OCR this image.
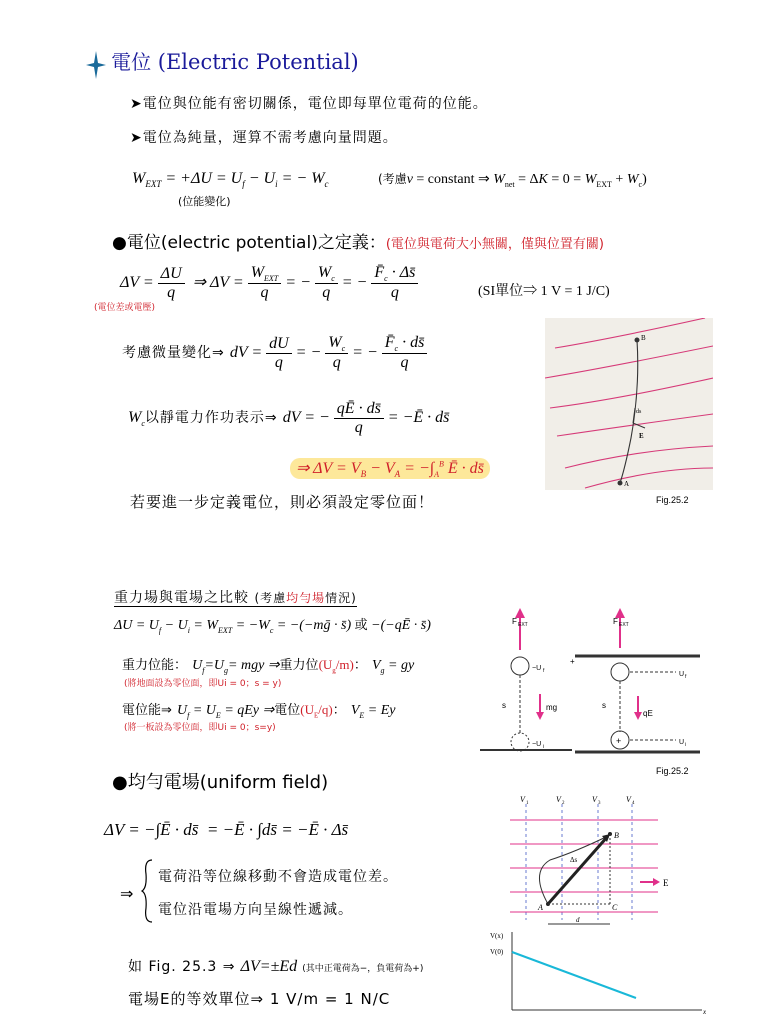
電位 (Electric Potential)
➤電位與位能有密切關係，電位即每單位電荷的位能。
➤電位為純量，運算不需考慮向量問題。
$W_{EXT} = +\Delta U = U_f - U_i$ = − $W_c$	(考慮v = constant ⇒ $W_{net} = \Delta K = 0 = W_{EXT} + W_c$)
(位能變化)
●電位(electric potential)之定義：(電位與電荷大小無關，僅與位置有關)
$\Delta V = \frac{\Delta U}{q}$ ⇒ $\Delta V = \frac{W_{EXT}}{q}$ = − $\frac{W_c}{q}$ = − $\frac{F̄_c \cdot \Delta s̄}{q}$	(SI單位⇒ 1 V = 1 J/C)
(電位差或電壓)
考慮微量變化⇒ dV = $\frac{dU}{q}$ = − $\frac{W_c}{q}$ = − $\frac{F̄_c \cdot ds̄}{q}$
$W_c$以靜電力作功表示⇒ dV = − $\frac{qĒ \cdot ds̄}{q}$ = −Ē · ds̄
⇒ $\Delta V = V_B - V_A = -\int_A^B$ Ē · ds̄
若要進一步定義電位，則必須設定零位面！
B
A
ds
E
Fig.25.2
重力場與電場之比較 (考慮均勻場情況)
$\Delta U = U_f - U_i = W_{EXT} = -W_c$ = −(−mḡ · s̄) 或 −(−qĒ · s̄)
重力位能： $U_f=U_g=$ mgy ⇒重力位$(U_g/m)$： $V_g$ = gy
(將地面設為零位面，即Ui = 0；s = y)
電位能⇒ $U_f = U_E$ = qEy ⇒電位$(U_E/q)$： $V_E = Ey$
(將一板設為零位面，即Ui = 0；s=y)
F EXT
−U f
mg
s
−U i
F EXT
+
U f
qE
s
+	U i
Fig.25.2
●均勻電場(uniform field)
ΔV = −∫Ē · ds̄  = −Ē · ∫ds̄ = −Ē · Δs̄
⇒
電荷沿等位線移動不會造成電位差。
電位沿電場方向呈線性遞減。
如 Fig. 25.3 ⇒ ΔV=±Ed (其中正電荷為−，負電荷為+)
電場E的等效單位⇒ 1 V/m = 1 N/C
V 1	V 2	V 3	V 4
E
A
B
C
Δs
d
V(x)
V(0)
x
